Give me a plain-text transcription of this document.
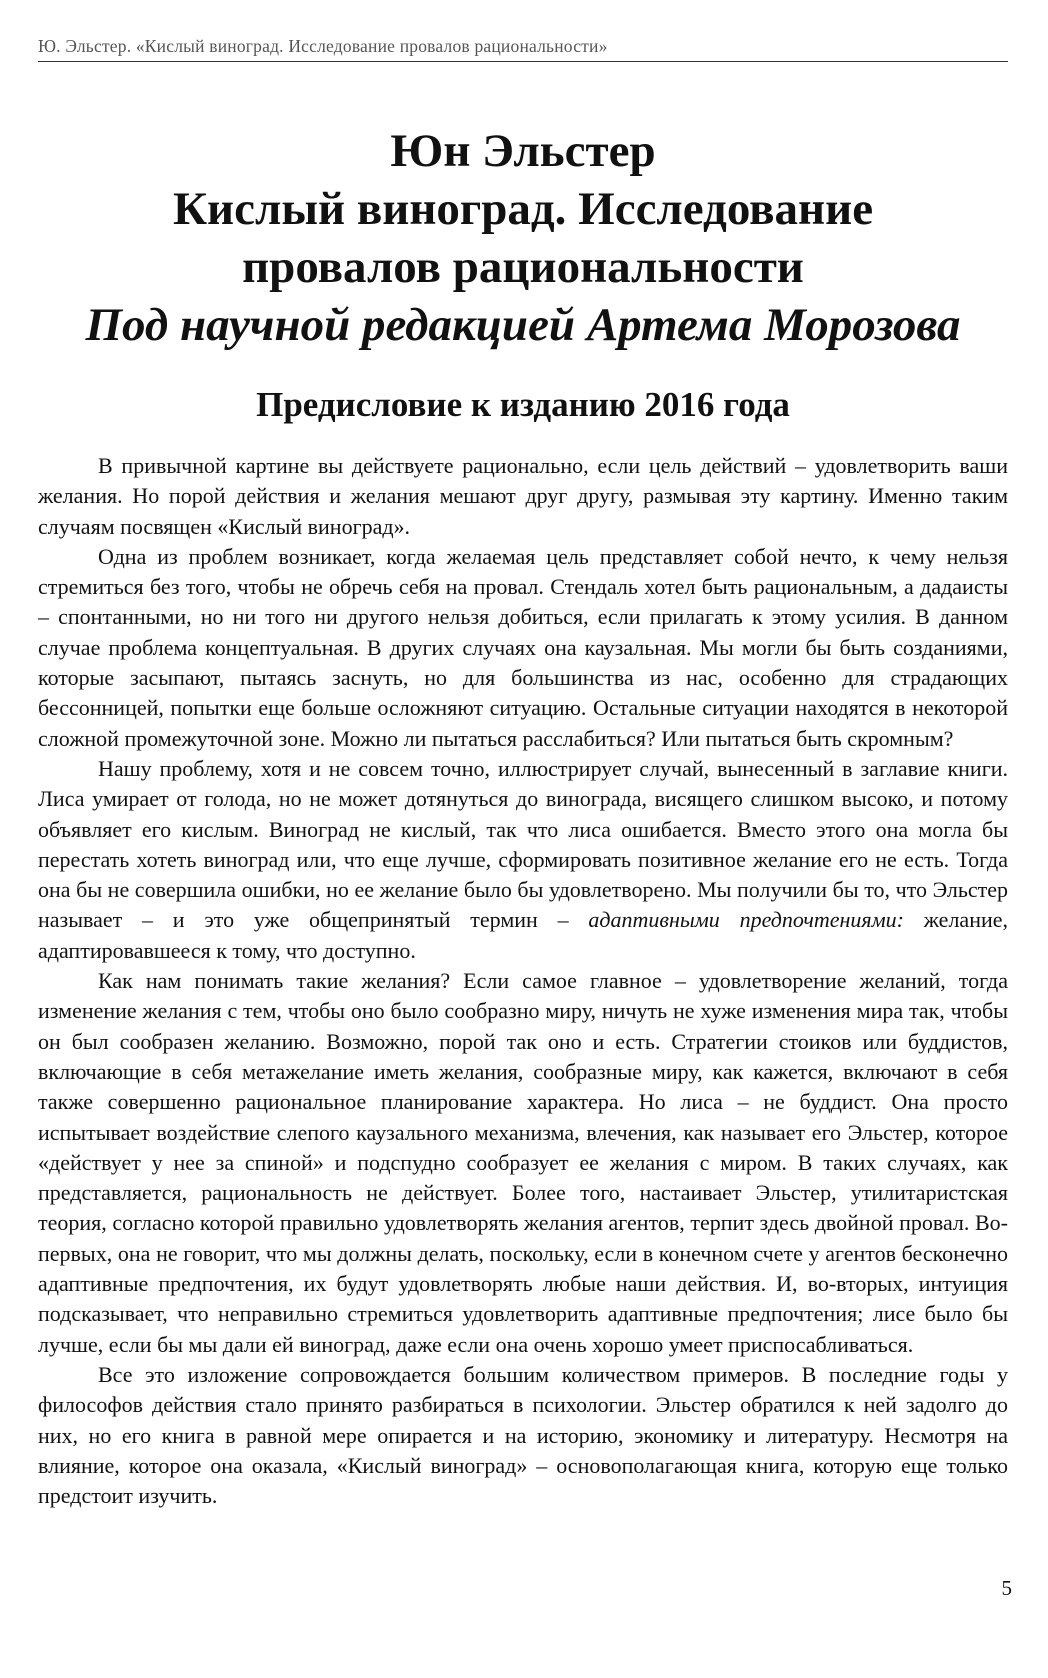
Ю. Эльстер. «Кислый виноград. Исследование провалов рациональности»
Юн Эльстер
Кислый виноград. Исследование
провалов рациональности
Под научной редакцией Артема Морозова
Предисловие к изданию 2016 года

В привычной картине вы действуете рационально, если цель действий – удовлетворить ваши желания. Но порой действия и желания мешают друг другу, размывая эту картину. Именно таким случаям посвящен «Кислый виноград».

Одна из проблем возникает, когда желаемая цель представляет собой нечто, к чему нельзя стремиться без того, чтобы не обречь себя на провал. Стендаль хотел быть рациональным, а дадаисты – спонтанными, но ни того ни другого нельзя добиться, если прилагать к этому усилия. В данном случае проблема концептуальная. В других случаях она каузальная. Мы могли бы быть созданиями, которые засыпают, пытаясь заснуть, но для большинства из нас, особенно для страдающих бессонницей, попытки еще больше осложняют ситуацию. Остальные ситуации находятся в некоторой сложной промежуточной зоне. Можно ли пытаться расслабиться? Или пытаться быть скромным?

Нашу проблему, хотя и не совсем точно, иллюстрирует случай, вынесенный в заглавие книги. Лиса умирает от голода, но не может дотянуться до винограда, висящего слишком высоко, и потому объявляет его кислым. Виноград не кислый, так что лиса ошибается. Вместо этого она могла бы перестать хотеть виноград или, что еще лучше, сформировать позитивное желание его не есть. Тогда она бы не совершила ошибки, но ее желание было бы удовлетворено. Мы получили бы то, что Эльстер называет – и это уже общепринятый термин – адаптивными предпочтениями: желание, адаптировавшееся к тому, что доступно.

Как нам понимать такие желания? Если самое главное – удовлетворение желаний, тогда изменение желания с тем, чтобы оно было сообразно миру, ничуть не хуже изменения мира так, чтобы он был сообразен желанию. Возможно, порой так оно и есть. Стратегии стоиков или буддистов, включающие в себя метажелание иметь желания, сообразные миру, как кажется, включают в себя также совершенно рациональное планирование характера. Но лиса – не буддист. Она просто испытывает воздействие слепого каузального механизма, влечения, как называет его Эльстер, которое «действует у нее за спиной» и подспудно сообразует ее желания с миром. В таких случаях, как представляется, рациональность не действует. Более того, настаивает Эльстер, утилитаристская теория, согласно которой правильно удовлетворять желания агентов, терпит здесь двойной провал. Во-первых, она не говорит, что мы должны делать, поскольку, если в конечном счете у агентов бесконечно адаптивные предпочтения, их будут удовлетворять любые наши действия. И, во-вторых, интуиция подсказывает, что неправильно стремиться удовлетворить адаптивные предпочтения; лисе было бы лучше, если бы мы дали ей виноград, даже если она очень хорошо умеет приспосабливаться.

Все это изложение сопровождается большим количеством примеров. В последние годы у философов действия стало принято разбираться в психологии. Эльстер обратился к ней задолго до них, но его книга в равной мере опирается и на историю, экономику и литературу. Несмотря на влияние, которое она оказала, «Кислый виноград» – основополагающая книга, которую еще только предстоит изучить.

5
